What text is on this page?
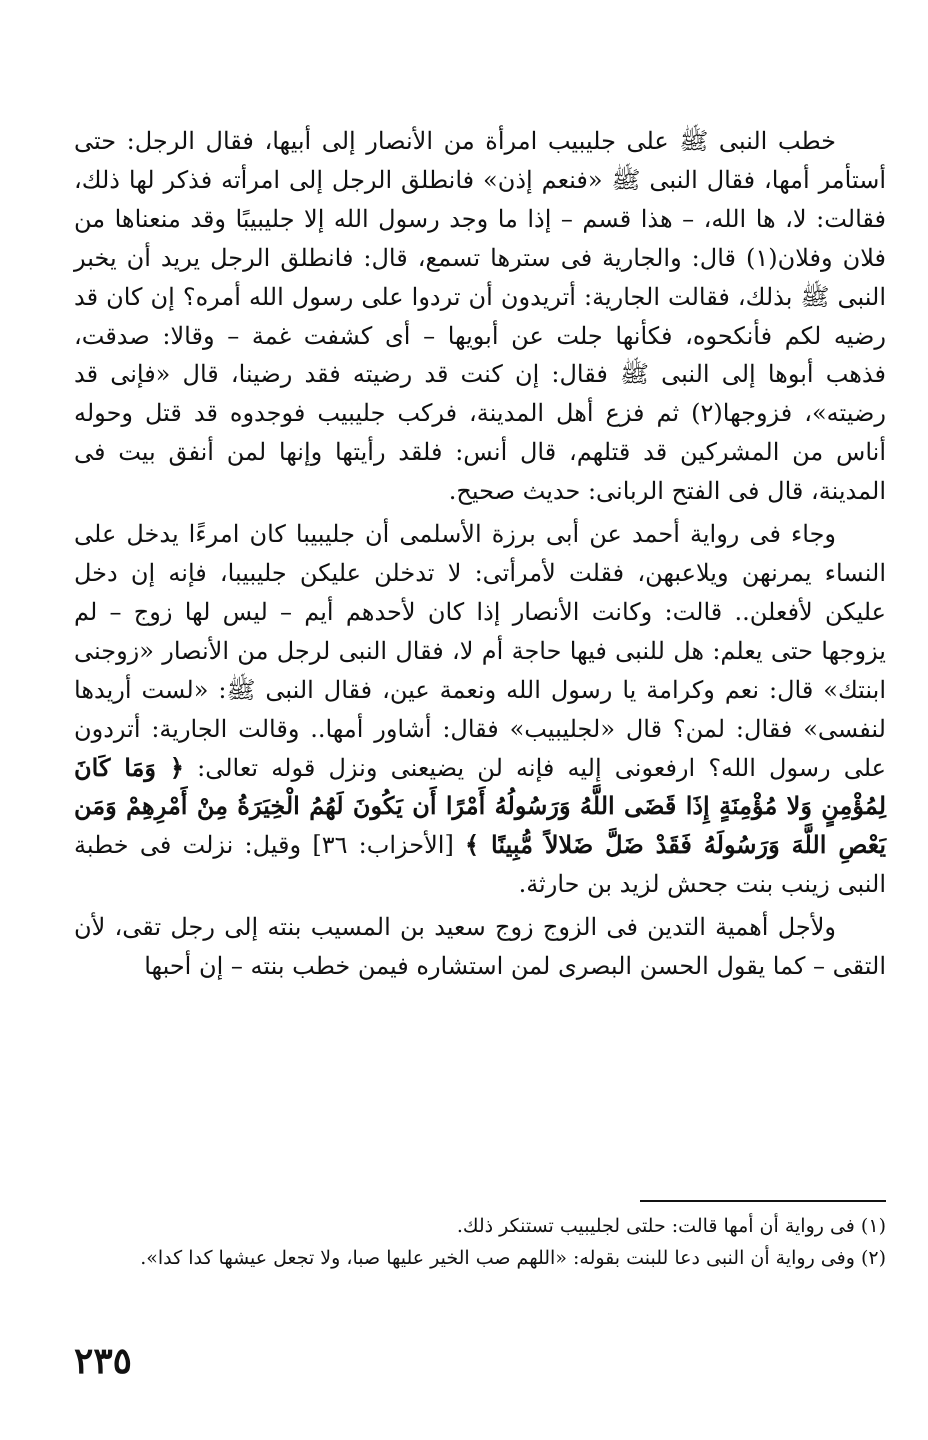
خطب النبى ﷺ على جليبيب امرأة من الأنصار إلى أبيها، فقال الرجل: حتى أستأمر أمها، فقال النبى ﷺ «فنعم إذن» فانطلق الرجل إلى امرأته فذكر لها ذلك، فقالت: لا، ها الله، – هذا قسم – إذا ما وجد رسول الله إلا جليبيبًا وقد منعناها من فلان وفلان(١) قال: والجارية فى سترها تسمع، قال: فانطلق الرجل يريد أن يخبر النبى ﷺ بذلك، فقالت الجارية: أتريدون أن تردوا على رسول الله أمره؟ إن كان قد رضيه لكم فأنكحوه، فكأنها جلت عن أبويها – أى كشفت غمة – وقالا: صدقت، فذهب أبوها إلى النبى ﷺ فقال: إن كنت قد رضيته فقد رضينا، قال «فإنى قد رضيته»، فزوجها(٢) ثم فزع أهل المدينة، فركب جليبيب فوجدوه قد قتل وحوله أناس من المشركين قد قتلهم، قال أنس: فلقد رأيتها وإنها لمن أنفق بيت فى المدينة، قال فى الفتح الربانى: حديث صحيح.

وجاء فى رواية أحمد عن أبى برزة الأسلمى أن جليبيبا كان امرءًا يدخل على النساء يمرنهن ويلاعبهن، فقلت لأمرأتى: لا تدخلن عليكن جليبيبا، فإنه إن دخل عليكن لأفعلن.. قالت: وكانت الأنصار إذا كان لأحدهم أيم – ليس لها زوج – لم يزوجها حتى يعلم: هل للنبى فيها حاجة أم لا، فقال النبى لرجل من الأنصار «زوجنى ابنتك» قال: نعم وكرامة يا رسول الله ونعمة عين، فقال النبى ﷺ: «لست أريدها لنفسى» فقال: لمن؟ قال «لجليبيب» فقال: أشاور أمها.. وقالت الجارية: أتردون على رسول الله؟ ارفعونى إليه فإنه لن يضيعنى ونزل قوله تعالى: ﴿ وَمَا كَانَ لِمُؤْمِنٍ وَلا مُؤْمِنَةٍ إِذَا قَضَى اللَّهُ وَرَسُولُهُ أَمْرًا أَن يَكُونَ لَهُمُ الْخِيَرَةُ مِنْ أَمْرِهِمْ وَمَن يَعْصِ اللَّهَ وَرَسُولَهُ فَقَدْ ضَلَّ ضَلالاً مُّبِينًا ﴾ [الأحزاب: ٣٦] وقيل: نزلت فى خطبة النبى زينب بنت جحش لزيد بن حارثة.

ولأجل أهمية التدين فى الزوج زوج سعيد بن المسيب بنته إلى رجل تقى، لأن التقى – كما يقول الحسن البصرى لمن استشاره فيمن خطب بنته – إن أحبها

(١) فى رواية أن أمها قالت: حلتى لجليبيب تستنكر ذلك.

(٢) وفى رواية أن النبى دعا للبنت بقوله: «اللهم صب الخير عليها صبا، ولا تجعل عيشها كدا كدا».

٢٣٥
